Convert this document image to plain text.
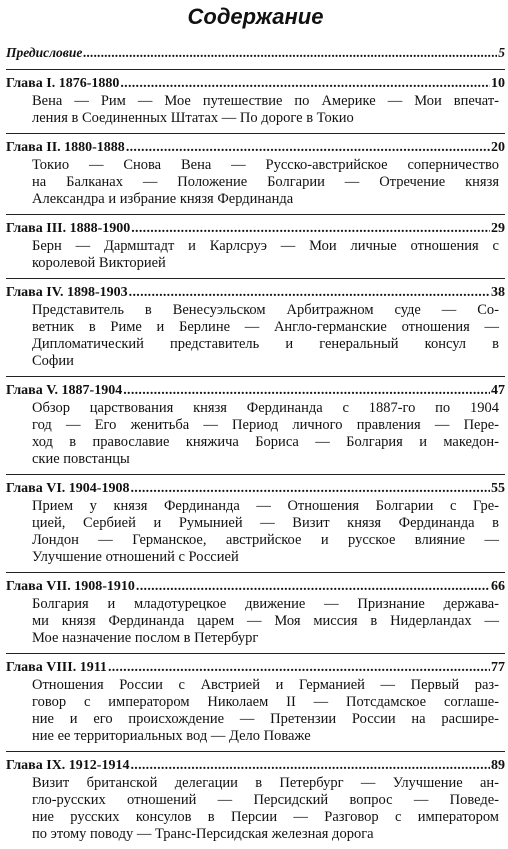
Содержание
Предисловие . . .	5
Глава I. 1876-1880 . . .	10
Вена — Рим — Мое путешествие по Америке — Мои впечат-
ления в Соединенных Штатах — По дороге в Токио
Глава II. 1880-1888 . . .	20
Токио — Снова Вена — Русско-австрийское соперничество
на Балканах — Положение Болгарии — Отречение князя
Александра и избрание князя Фердинанда
Глава III. 1888-1900 . . .	29
Берн — Дармштадт и Карлсруэ — Мои личные отношения с
королевой Викторией
Глава IV. 1898-1903 . . .	38
Представитель в Венесуэльском Арбитражном суде — Со-
ветник в Риме и Берлине — Англо-германские отношения —
Дипломатический представитель и генеральный консул в
Софии
Глава V. 1887-1904 . . .	47
Обзор царствования князя Фердинанда с 1887-го по 1904
год — Его женитьба — Период личного правления — Пере-
ход в православие княжича Бориса — Болгария и македон-
ские повстанцы
Глава VI. 1904-1908 . . .	55
Прием у князя Фердинанда — Отношения Болгарии с Гре-
цией, Сербией и Румынией — Визит князя Фердинанда в
Лондон — Германское, австрийское и русское влияние —
Улучшение отношений с Россией
Глава VII. 1908-1910 . . .	66
Болгария и младотурецкое движение — Признание держава-
ми князя Фердинанда царем — Моя миссия в Нидерландах —
Мое назначение послом в Петербург
Глава VIII. 1911 . . .	77
Отношения России с Австрией и Германией — Первый раз-
говор с императором Николаем II — Потсдамское соглаше-
ние и его происхождение — Претензии России на расшире-
ние ее территориальных вод — Дело Поваже
Глава IX. 1912-1914 . . .	89
Визит британской делегации в Петербург — Улучшение ан-
гло-русских отношений — Персидский вопрос — Поведе-
ние русских консулов в Персии — Разговор с императором
по этому поводу — Транс-Персидская железная дорога
